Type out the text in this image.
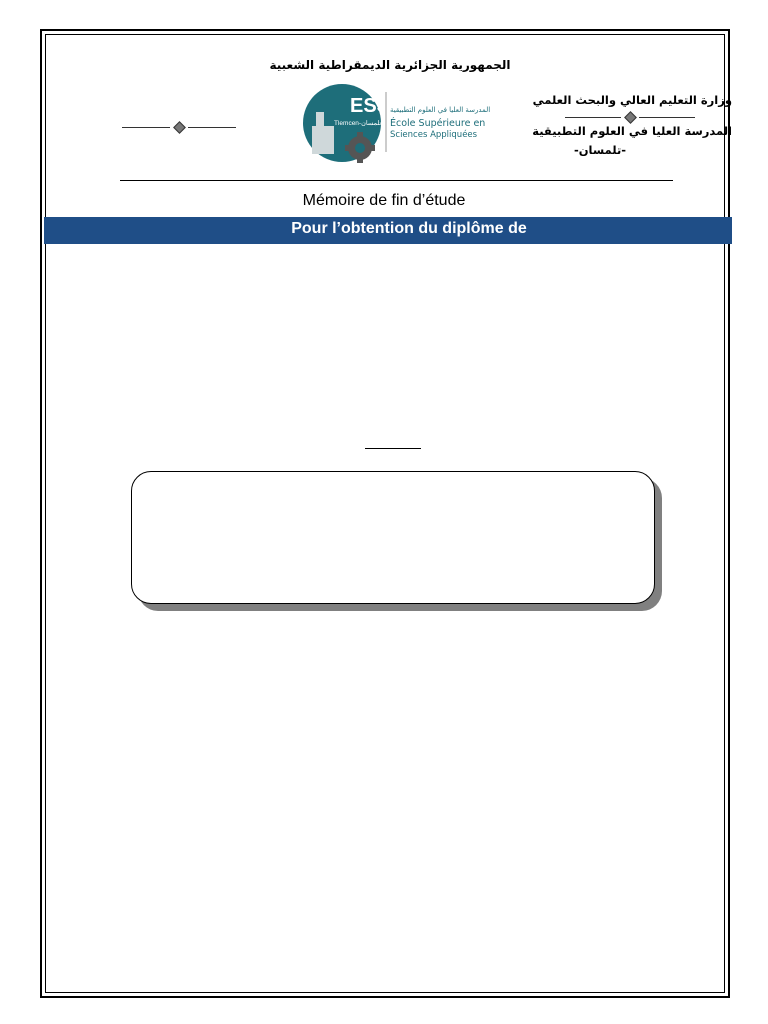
الجمهورية الجزائرية الديمقراطية الشعبية
وزارة التعليم العالي والبحث العلمي
المدرسة العليا في العلوم التطبيقية
-تلمسان-
ESSA
Tlemcen-تلمسان
المدرسة العليا في العلوم التطبيقية
École Supérieure en
Sciences Appliquées
Mémoire de fin d’étude
Pour l’obtention du diplôme de
